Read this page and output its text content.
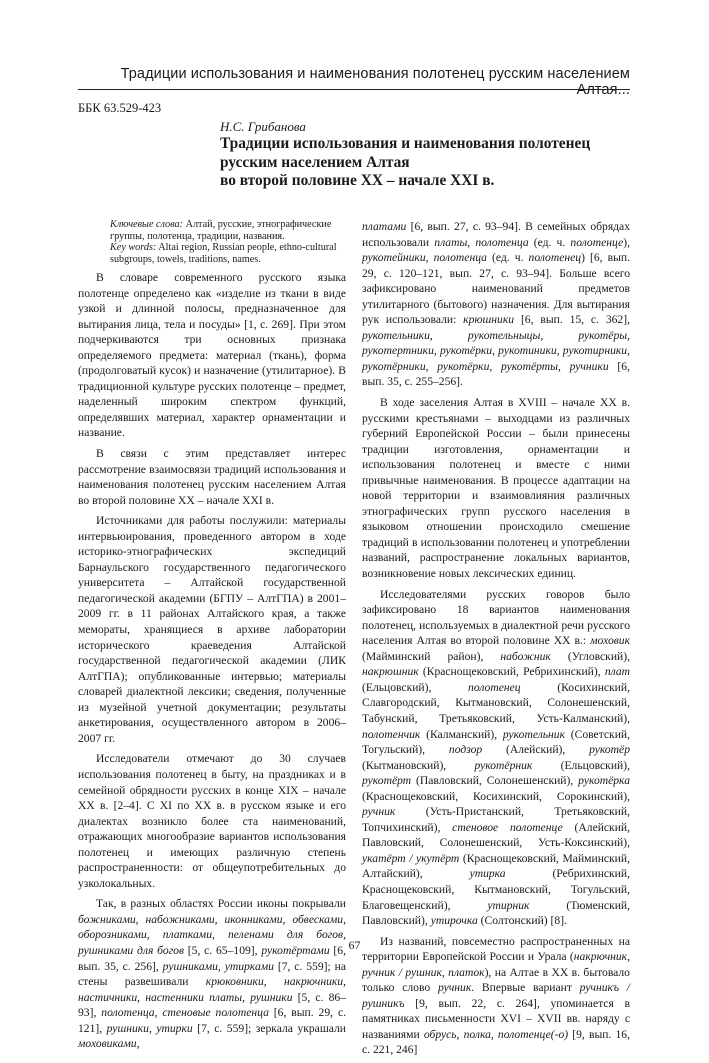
Традиции использования и наименования полотенец русским населением Алтая...
ББК 63.529-423
Н.С. Грибанова
Традиции использования и наименования полотенец
русским населением Алтая
во второй половине ХХ – начале XXI в.
Ключевые слова: Алтай, русские, этнографические группы, полотенца, традиции, названия.
Key words: Altai region, Russian people, ethno-cultural subgroups, towels, traditions, names.

В словаре современного русского языка полотенце определено как «изделие из ткани в виде узкой и длинной полосы, предназначенное для вытирания лица, тела и посуды» [1, с. 269]. При этом подчеркиваются три основных признака определяемого предмета: материал (ткань), форма (продолговатый кусок) и назначение (утилитарное). В традиционной культуре русских полотенце – предмет, наделенный широким спектром функций, определявших материал, характер орнаментации и название.

В связи с этим представляет интерес рассмотрение взаимосвязи традиций использования и наименования полотенец русским населением Алтая во второй половине ХХ – начале XXI в.

Источниками для работы послужили: материалы интервьюирования, проведенного автором в ходе историко-этнографических экспедиций Барнаульского государственного педагогического университета – Алтайской государственной педагогической академии (БГПУ – АлтГПА) в 2001–2009 гг. в 11 районах Алтайского края, а также мемораты, хранящиеся в архиве лаборатории исторического краеведения Алтайской государственной педагогической академии (ЛИК АлтГПА); опубликованные интервью; материалы словарей диалектной лексики; сведения, полученные из музейной учетной документации; результаты анкетирования, осуществленного автором в 2006–2007 гг.

Исследователи отмечают до 30 случаев использования полотенец в быту, на праздниках и в семейной обрядности русских в конце XIX – начале ХХ в. [2–4]. С XI по ХХ в. в русском языке и его диалектах возникло более ста наименований, отражающих многообразие вариантов использования полотенец и имеющих различную степень распространенности: от общеупотребительных до узколокальных.

Так, в разных областях России иконы покрывали божниками, набожниками, иконниками, обвесками, оборозниками, платками, пеленами для богов, рушниками для богов [5, с. 65–109], рукотёртами [6, вып. 35, с. 256], рушниками, утирками [7, с. 559]; на стены развешивали крюковники, накрючники, настичники, настенники платы, рушники [5, с. 86–93], полотенца, стеновые полотенца [6, вып. 29, с. 121], рушники, утирки [7, с. 559]; зеркала украшали моховиками,

платами [6, вып. 27, с. 93–94]. В семейных обрядах использовали платы, полотенца (ед. ч. полотенце), рукотейники, полотенца (ед. ч. полотенец) [6, вып. 29, с. 120–121, вып. 27, с. 93–94]. Больше всего зафиксировано наименований предметов утилитарного (бытового) назначения. Для вытирания рук использовали: крюшники [6, вып. 15, с. 362], рукотельники, рукотельныцы, рукотёры, рукотертники, рукотёрки, рукотиники, рукотирники, рукотёрники, рукотёрки, рукотёрты, ручники [6, вып. 35, с. 255–256].

В ходе заселения Алтая в XVIII – начале ХХ в. русскими крестьянами – выходцами из различных губерний Европейской России – были принесены традиции изготовления, орнаментации и использования полотенец и вместе с ними привычные наименования. В процессе адаптации на новой территории и взаимовлияния различных этнографических групп русского населения в языковом отношении происходило смешение традиций в использовании полотенец и употреблении названий, распространение локальных вариантов, возникновение новых лексических единиц.

Исследователями русских говоров было зафиксировано 18 вариантов наименования полотенец, используемых в диалектной речи русского населения Алтая во второй половине ХХ в.: моховик (Майминский район), набожник (Угловский), накрюшник (Краснощековский, Ребрихинский), плат (Ельцовский), полотенец (Косихинский, Славгородский, Кытмановский, Солонешенский, Табунский, Третьяковский, Усть-Калманский), полотенчик (Калманский), рукотельник (Советский, Тогульский), подзор (Алейский), рукотёр (Кытмановский), рукотёрник (Ельцовский), рукотёрт (Павловский, Солонешенский), рукотёрка (Краснощековский, Косихинский, Сорокинский), ручник (Усть-Пристанский, Третьяковский, Топчихинский), стеновое полотенце (Алейский, Павловский, Солонешенский, Усть-Коксинский), укатёрт / укутёрт (Краснощековский, Майминский, Алтайский), утирка (Ребрихинский, Краснощековский, Кытмановский, Тогульский, Благовещенский), утирник (Тюменский, Павловский), утирочка (Солтонский) [8].

Из названий, повсеместно распространенных на территории Европейской России и Урала (накрючник, ручник / рушник, платок), на Алтае в ХХ в. бытовало только слово ручник. Впервые вариант ручникъ / рушникъ [9, вып. 22, с. 264], упоминается в памятниках письменности XVI – XVII вв. наряду с названиями обрусь, полка, полотенце(-о) [9, вып. 16, с. 221, 246]

67
